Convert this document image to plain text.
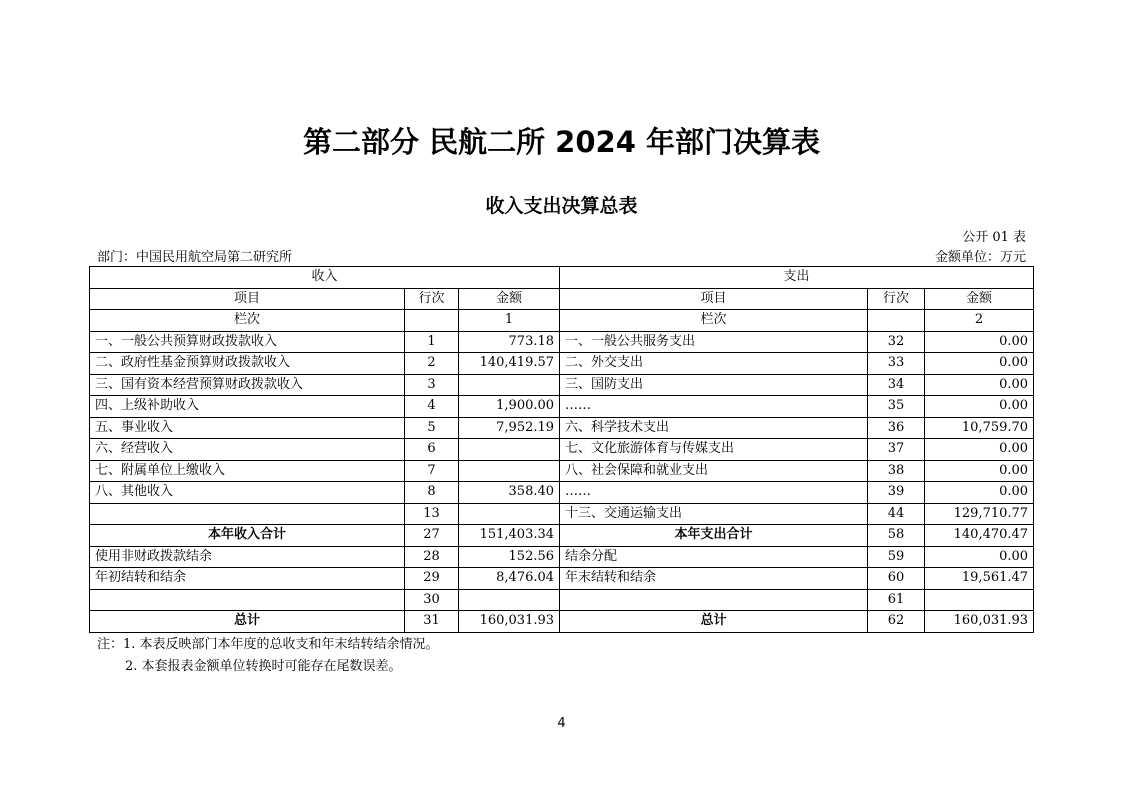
第二部分 民航二所 2024 年部门决算表
收入支出决算总表
公开 01 表
部门：中国民用航空局第二研究所	金额单位：万元
收入			支出		
项目	行次	金额	项目	行次	金额
栏次		1	栏次		2
一、一般公共预算财政拨款收入	1	773.18	一、一般公共服务支出	32	0.00
二、政府性基金预算财政拨款收入	2	140,419.57	二、外交支出	33	0.00
三、国有资本经营预算财政拨款收入	3		三、国防支出	34	0.00
四、上级补助收入	4	1,900.00	……	35	0.00
五、事业收入	5	7,952.19	六、科学技术支出	36	10,759.70
六、经营收入	6		七、文化旅游体育与传媒支出	37	0.00
七、附属单位上缴收入	7		八、社会保障和就业支出	38	0.00
八、其他收入	8	358.40	……	39	0.00
	13		十三、交通运输支出	44	129,710.77
本年收入合计	27	151,403.34	本年支出合计	58	140,470.47
使用非财政拨款结余	28	152.56	结余分配	59	0.00
年初结转和结余	29	8,476.04	年末结转和结余	60	19,561.47
	30			61	
总计	31	160,031.93	总计	62	160,031.93
注：1. 本表反映部门本年度的总收支和年末结转结余情况。
2. 本套报表金额单位转换时可能存在尾数误差。
4
